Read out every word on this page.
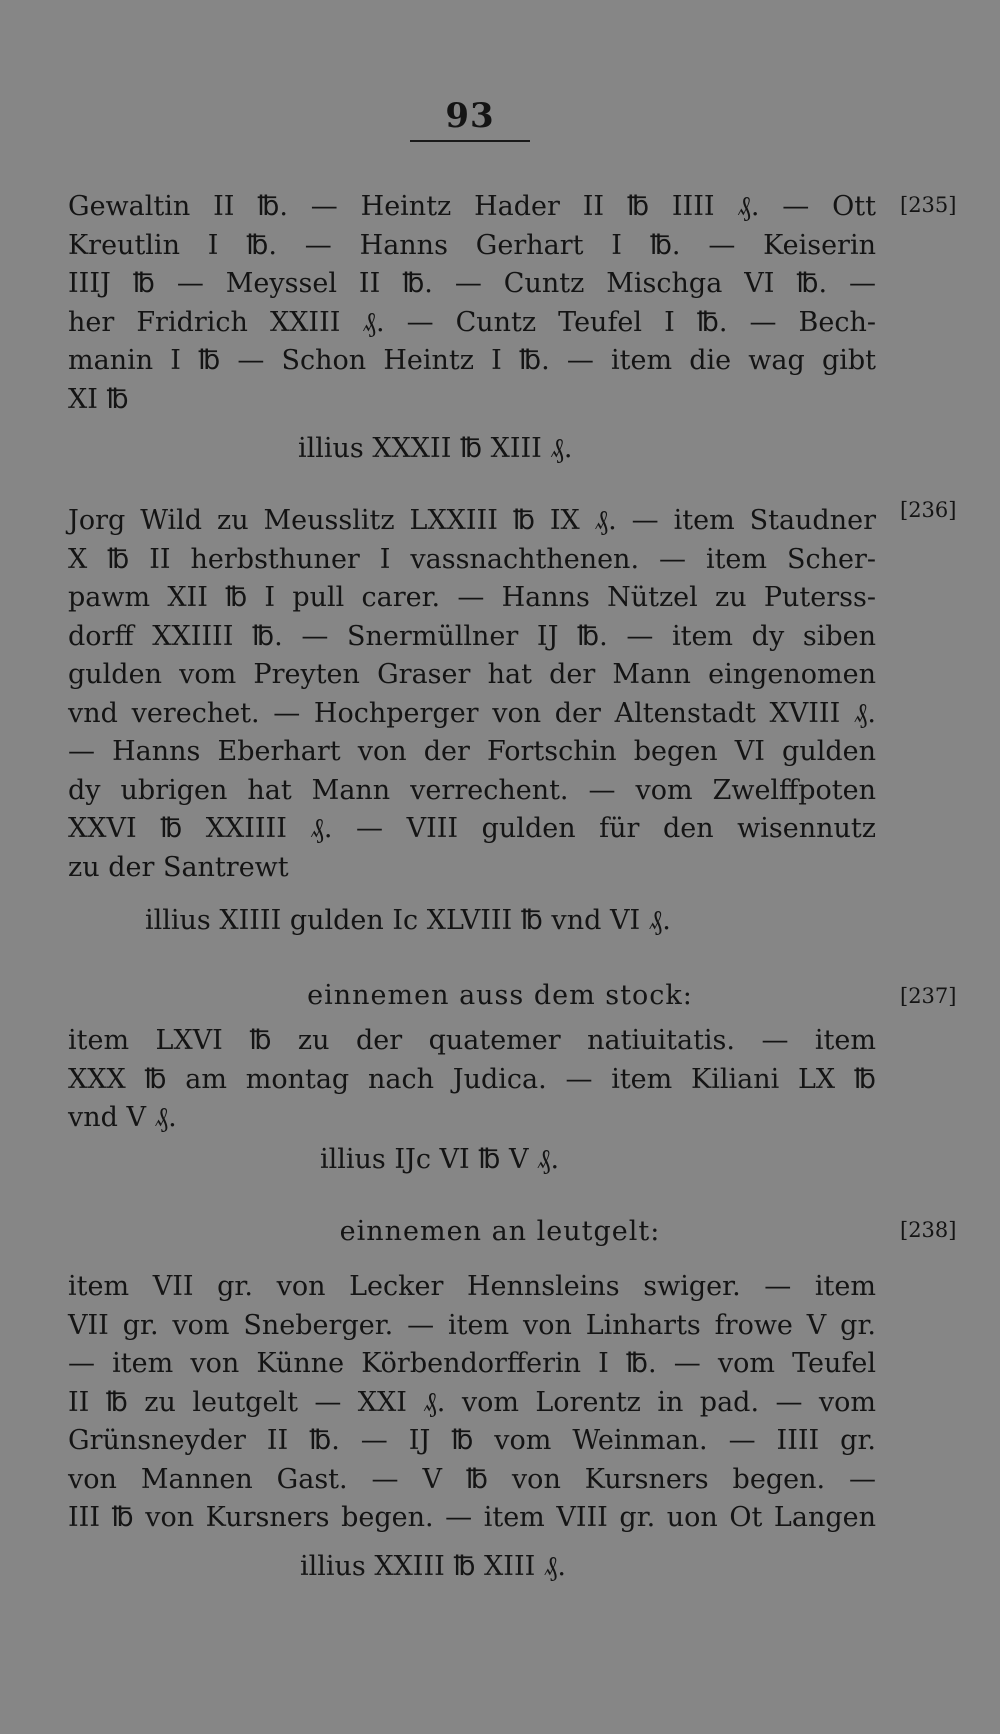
93
[235]
Gewaltin II ℔. — Heintz Hader II ℔ IIII ₰. — Ott
Kreutlin I ℔. — Hanns Gerhart I ℔. — Keiserin
IIIJ ℔ — Meyssel II ℔. — Cuntz Mischga VI ℔. —
her Fridrich XXIII ₰. — Cuntz Teufel I ℔. — Bech-
manin I ℔ — Schon Heintz I ℔. — item die wag gibt
XI ℔
illius XXXII ℔ XIII ₰.
[236]
Jorg Wild zu Meusslitz LXXIII ℔ IX ₰. — item Staudner
X ℔ II herbsthuner I vassnachthenen. — item Scher-
pawm XII ℔ I pull carer. — Hanns Nützel zu Puterss-
dorff XXIIII ℔. — Snermüllner IJ ℔. — item dy siben
gulden vom Preyten Graser hat der Mann eingenomen
vnd verechet. — Hochperger von der Altenstadt XVIII ₰.
— Hanns Eberhart von der Fortschin begen VI gulden
dy ubrigen hat Mann verrechent. — vom Zwelffpoten
XXVI ℔ XXIIII ₰. — VIII gulden für den wisennutz
zu der Santrewt
illius XIIII gulden Ic XLVIII ℔ vnd VI ₰.
einnemen auss dem stock:	[237]
item LXVI ℔ zu der quatemer natiuitatis. — item
XXX ℔ am montag nach Judica. — item Kiliani LX ℔
vnd V ₰.
illius IJc VI ℔ V ₰.
einnemen an leutgelt:	[238]
item VII gr. von Lecker Hennsleins swiger. — item
VII gr. vom Sneberger. — item von Linharts frowe V gr.
— item von Künne Körbendorfferin I ℔. — vom Teufel
II ℔ zu leutgelt — XXI ₰. vom Lorentz in pad. — vom
Grünsneyder II ℔. — IJ ℔ vom Weinman. — IIII gr.
von Mannen Gast. — V ℔ von Kursners begen. —
III ℔ von Kursners begen. — item VIII gr. uon Ot Langen
illius XXIII ℔ XIII ₰.
